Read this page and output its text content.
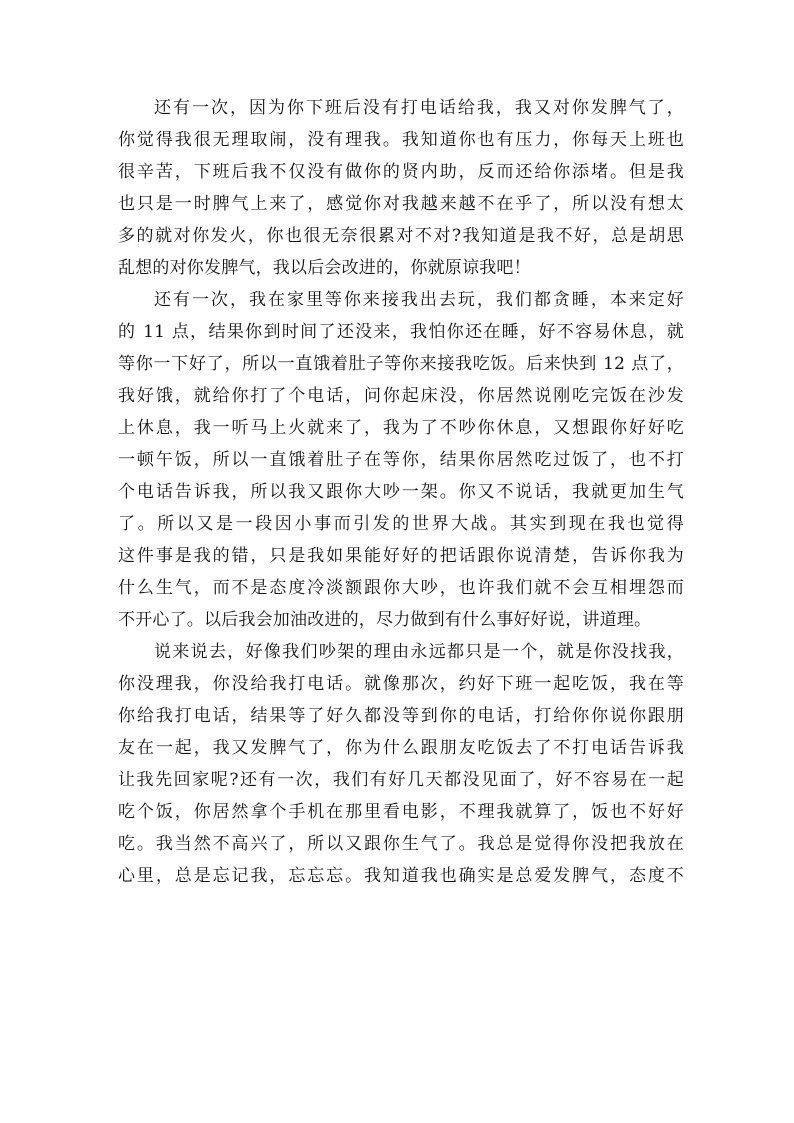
还有一次，因为你下班后没有打电话给我，我又对你发脾气了，
你觉得我很无理取闹，没有理我。我知道你也有压力，你每天上班也
很辛苦，下班后我不仅没有做你的贤内助，反而还给你添堵。但是我
也只是一时脾气上来了，感觉你对我越来越不在乎了，所以没有想太
多的就对你发火，你也很无奈很累对不对?我知道是我不好，总是胡思
乱想的对你发脾气，我以后会改进的，你就原谅我吧！
还有一次，我在家里等你来接我出去玩，我们都贪睡，本来定好
的 11 点，结果你到时间了还没来，我怕你还在睡，好不容易休息，就
等你一下好了，所以一直饿着肚子等你来接我吃饭。后来快到 12 点了，
我好饿，就给你打了个电话，问你起床没，你居然说刚吃完饭在沙发
上休息，我一听马上火就来了，我为了不吵你休息，又想跟你好好吃
一顿午饭，所以一直饿着肚子在等你，结果你居然吃过饭了，也不打
个电话告诉我，所以我又跟你大吵一架。你又不说话，我就更加生气
了。所以又是一段因小事而引发的世界大战。其实到现在我也觉得
这件事是我的错，只是我如果能好好的把话跟你说清楚，告诉你我为
什么生气，而不是态度冷淡额跟你大吵，也许我们就不会互相埋怨而
不开心了。以后我会加油改进的，尽力做到有什么事好好说，讲道理。
说来说去，好像我们吵架的理由永远都只是一个，就是你没找我，
你没理我，你没给我打电话。就像那次，约好下班一起吃饭，我在等
你给我打电话，结果等了好久都没等到你的电话，打给你你说你跟朋
友在一起，我又发脾气了，你为什么跟朋友吃饭去了不打电话告诉我
让我先回家呢?还有一次，我们有好几天都没见面了，好不容易在一起
吃个饭，你居然拿个手机在那里看电影，不理我就算了，饭也不好好
吃。我当然不高兴了，所以又跟你生气了。我总是觉得你没把我放在
心里，总是忘记我，忘忘忘。我知道我也确实是总爱发脾气，态度不
